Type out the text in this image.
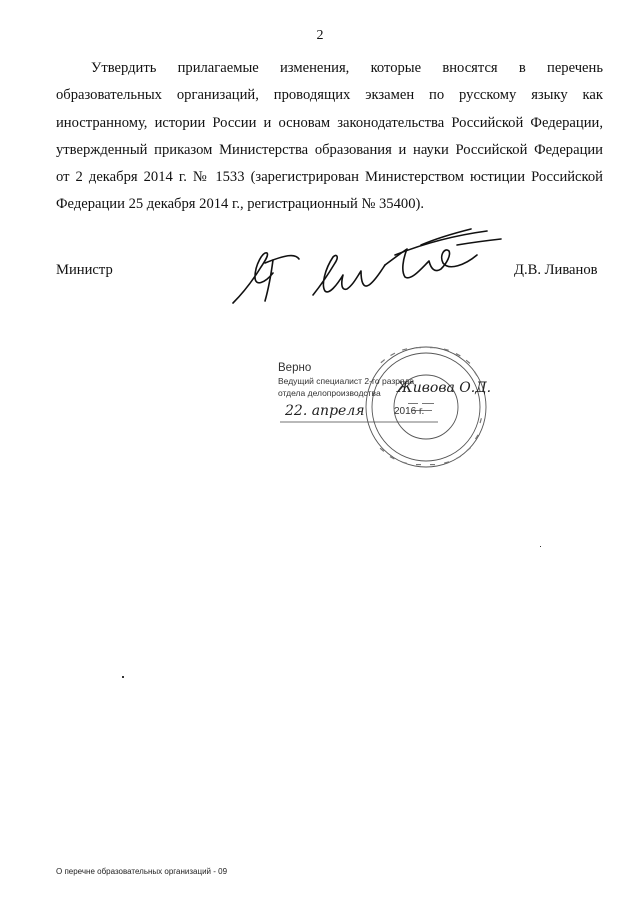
2
Утвердить прилагаемые изменения, которые вносятся в перечень
образовательных организаций, проводящих экзамен по русскому языку как
иностранному, истории России и основам законодательства Российской Федерации,
утвержденный приказом Министерства образования и науки Российской Федерации
от 2 декабря 2014 г. № 1533 (зарегистрирован Министерством юстиции Российской
Федерации 25 декабря 2014 г., регистрационный № 35400).
Министр	Д.В. Ливанов
Верно
Ведущий специалист 2-го разряда
отдела делопроизводства	Живова О.Д.
22. апреля	2016 г.
О перечне образовательных организаций - 09
